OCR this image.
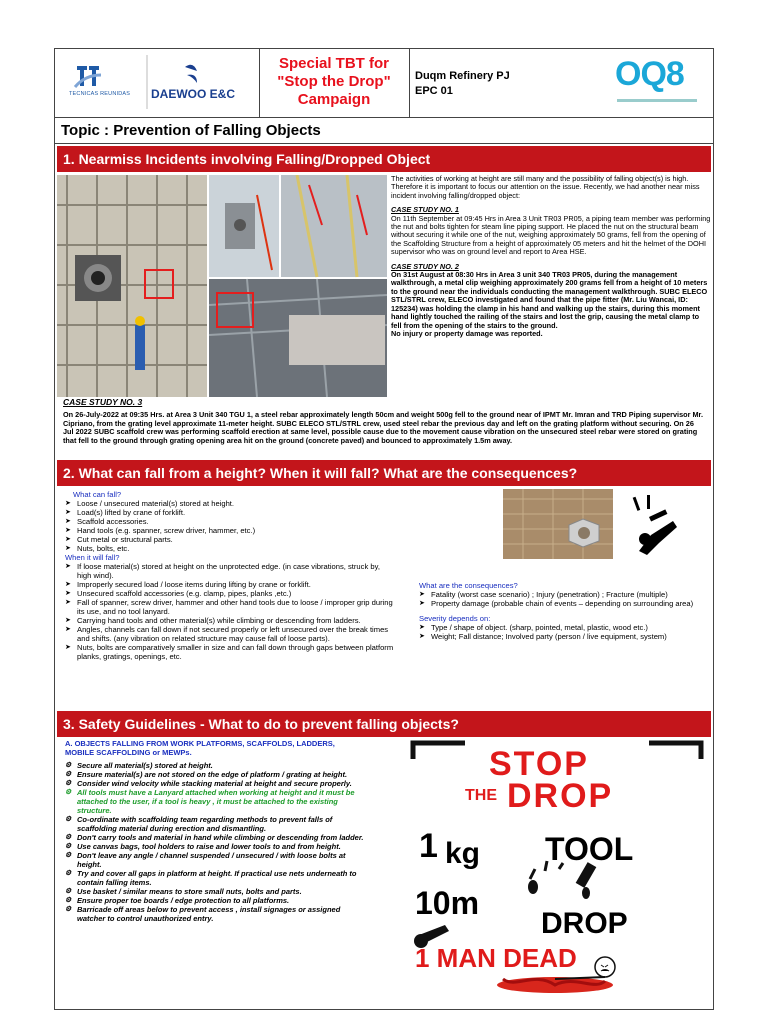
TECNICAS REUNIDAS DAEWOO E&C
Special TBT for
"Stop the Drop"
Campaign
Duqm Refinery PJ
EPC 01	OQ8
Topic : Prevention of Falling Objects
1. Nearmiss Incidents involving Falling/Dropped Object
The activities of working at height are still many and the possibility of falling object(s) is high. Therefore it is important to focus our attention on the issue. Recently, we had another near miss incident involving falling/dropped object:
CASE STUDY NO. 1
On 11th September at 09:45 Hrs in Area 3 Unit TR03 PR05, a piping team member was performing the nut and bolts tighten for steam line piping support. He placed the nut on the structural beam without securing it while one of the nut, weighing approximately 50 grams, fell from the opening of the Scaffolding Structure from a height of approximately 05 meters and hit the helmet of the DOHI supervisor who was on ground level and report to Area HSE.
CASE STUDY NO. 2
On 31st August at 08:30 Hrs in Area 3 unit 340 TR03 PR05, during the management walkthrough, a metal clip weighing approximately 200 grams fell from a height of 10 meters to the ground near the individuals conducting the management walkthrough. SUBC ELECO STL/STRL crew, ELECO investigated and found that the pipe fitter (Mr. Liu Wancai, ID: 125234) was holding the clamp in his hand and walking up the stairs, during this moment hand lightly touched the railing of the stairs and lost the grip, causing the metal clamp to fell from the opening of the stairs to the ground.
No injury or property damage was reported.
CASE STUDY NO. 3
On 26-July-2022 at 09:35 Hrs. at Area 3 Unit 340 TGU 1, a steel rebar approximately length 50cm and weight 500g fell to the ground near of IPMT Mr. Imran and TRD Piping supervisor Mr. Cipriano, from the grating level approximate 11-meter height. SUBC ELECO STL/STRL crew, used steel rebar the previous day and left on the grating platform without securing. On 26 Jul 2022 SUBC scaffold crew was performing scaffold erection at same level, possible cause due to the movement cause vibration on the unsecured steel rebar were stored on grating that fell to the ground through grating opening area hit on the ground (concrete paved) and bounced to approximately 1.5m away.
2. What can fall from a height? When it will fall? What are the consequences?
What can fall?
➤ Loose / unsecured material(s) stored at height.
➤ Load(s) lifted by crane of forklift.
➤ Scaffold accessories.
➤ Hand tools (e.g. spanner, screw driver, hammer, etc.)
➤ Cut metal or structural parts.
➤ Nuts, bolts, etc.
When it will fall?
➤ If loose material(s) stored at height on the unprotected edge. (in case vibrations, struck by, high wind).
➤ Improperly secured load / loose items during lifting by crane or forklift.
➤ Unsecured scaffold accessories (e.g. clamp, pipes, planks ,etc.)
➤ Fall of spanner, screw driver, hammer and other hand tools due to loose / improper grip during its use, and no tool lanyard.
➤ Carrying hand tools and other material(s) while climbing or descending from ladders.
➤ Angles, channels can fall down if not secured properly or left unsecured over the break times and shifts. (any vibration on related structure may cause fall of loose parts).
➤ Nuts, bolts are comparatively smaller in size and can fall down through gaps between platform planks, gratings, openings, etc.
What are the consequences?
➤ Fatality (worst case scenario) ; Injury (penetration) ; Fracture (multiple)
➤ Property damage (probable chain of events – depending on surrounding area)
Severity depends on:
➤ Type / shape of object. (sharp, pointed, metal, plastic, wood etc.)
➤ Weight; Fall distance; Involved party (person / live equipment, system)
3. Safety Guidelines - What to do to prevent falling objects?
A. OBJECTS FALLING FROM WORK PLATFORMS, SCAFFOLDS, LADDERS, MOBILE SCAFFOLDING or MEWPs.
⚙ Secure all material(s) stored at height.
⚙ Ensure material(s) are not stored on the edge of platform / grating at height.
⚙ Consider wind velocity while stacking material at height and secure properly.
⚙ All tools must have a Lanyard attached when working at height and it must be attached to the user, if a tool is heavy , it must be attached to the existing structure.
⚙ Co-ordinate with scaffolding team regarding methods to prevent falls of scaffolding material during erection and dismantling.
⚙ Don't carry tools and material in hand while climbing or descending from ladder.
⚙ Use canvas bags, tool holders to raise and lower tools to and from height.
⚙ Don't leave any angle / channel suspended / unsecured / with loose bolts at height.
⚙ Try and cover all gaps in platform at height. If practical use nets underneath to contain falling items.
⚙ Use basket / similar means to store small nuts, bolts and parts.
⚙ Ensure proper toe boards / edge protection to all platforms.
⚙ Barricade off areas below to prevent access , install signages or assigned watcher to control unauthorized entry.
STOP
THE DROP
1 kg TOOL
10m
DROP
1 MAN DEAD
